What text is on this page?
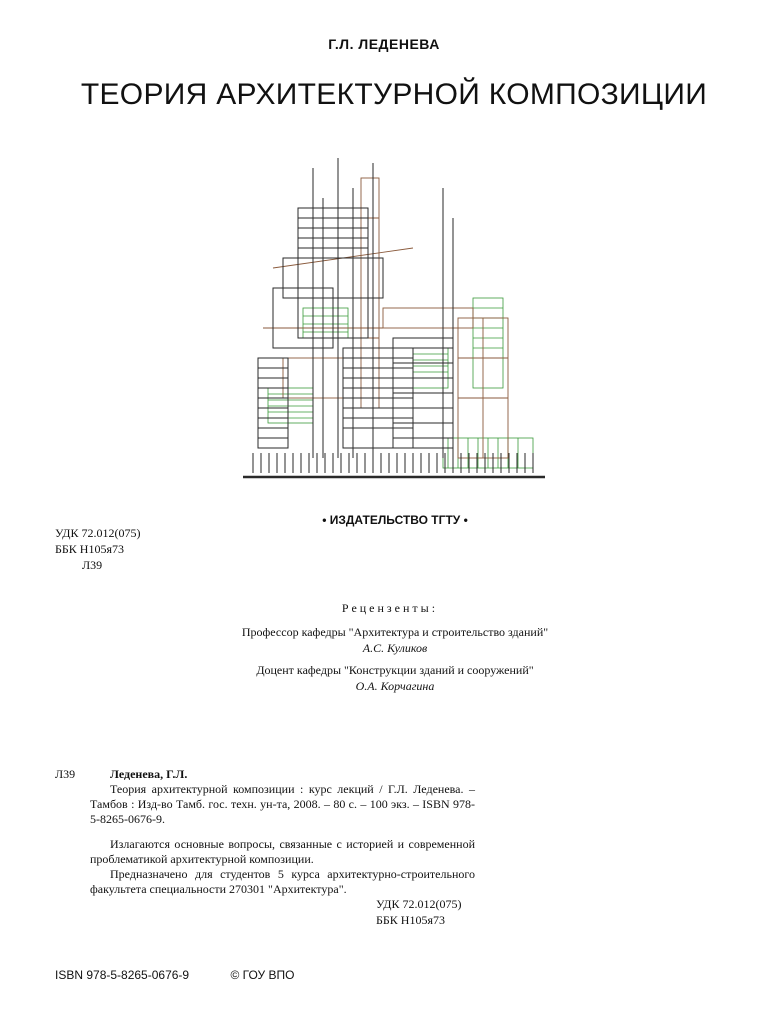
Г.Л. ЛЕДЕНЕВА
ТЕОРИЯ АРХИТЕКТУРНОЙ КОМПОЗИЦИИ
• ИЗДАТЕЛЬСТВО ТГТУ •
УДК 72.012(075)
ББК Н105я73
Л39
Рецензенты:
Профессор кафедры "Архитектура и строительство зданий"
А.С. Куликов
Доцент кафедры "Конструкции зданий и сооружений"
О.А. Корчагина
Л39	Леденева, Г.Л.
Теория архитектурной композиции : курс лекций / Г.Л. Леденева. – Тамбов : Изд-во Тамб. гос. техн. ун-та, 2008. – 80 с. – 100 экз. – ISBN 978-5-8265-0676-9.
Излагаются основные вопросы, связанные с историей и современной проблематикой архитектурной композиции.
Предназначено для студентов 5 курса архитектурно-строительного факультета специальности 270301 "Архитектура".
УДК 72.012(075)
ББК Н105я73
ISBN 978-5-8265-0676-9	© ГОУ ВПО
